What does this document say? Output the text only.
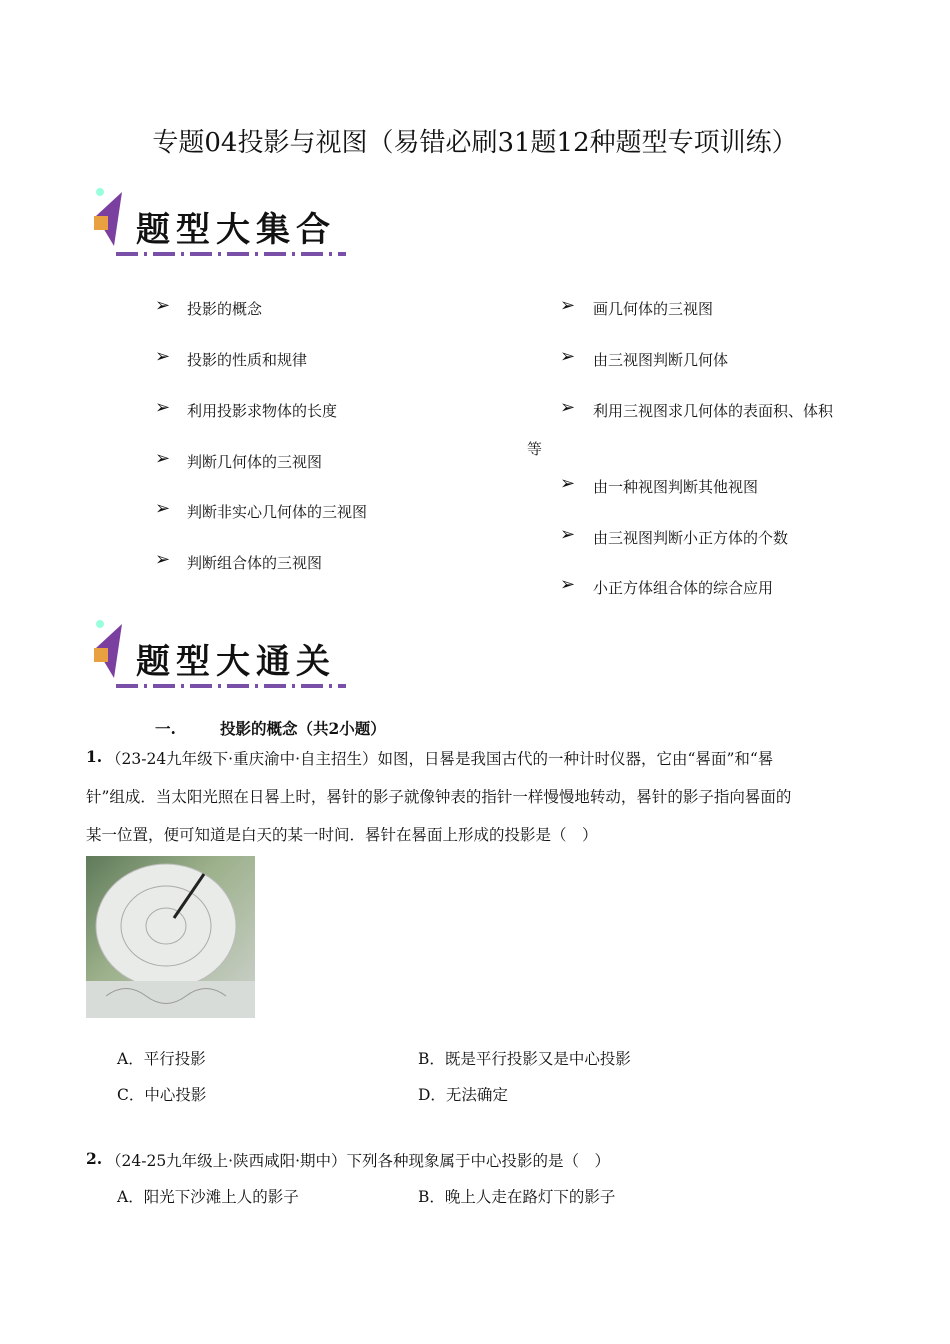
专题04投影与视图（易错必刷31题12种题型专项训练）
题型大集合
➢ 投影的概念
➢ 投影的性质和规律
➢ 利用投影求物体的长度
➢ 判断几何体的三视图
➢ 判断非实心几何体的三视图
➢ 判断组合体的三视图
➢ 画几何体的三视图
➢ 由三视图判断几何体
➢ 利用三视图求几何体的表面积、体积
➢ 由一种视图判断其他视图
➢ 由三视图判断小正方体的个数
➢ 小正方体组合体的综合应用
等
题型大通关
一.	投影的概念（共2小题）
1. （23-24九年级下·重庆渝中·自主招生）如图，日晷是我国古代的一种计时仪器，它由“晷面”和“晷
针”组成．当太阳光照在日晷上时，晷针的影子就像钟表的指针一样慢慢地转动，晷针的影子指向晷面的
某一位置，便可知道是白天的某一时间．晷针在晷面上形成的投影是（　）
A．平行投影	B．既是平行投影又是中心投影
C．中心投影	D．无法确定
2. （24-25九年级上·陕西咸阳·期中）下列各种现象属于中心投影的是（　）
A．阳光下沙滩上人的影子	B．晚上人走在路灯下的影子
